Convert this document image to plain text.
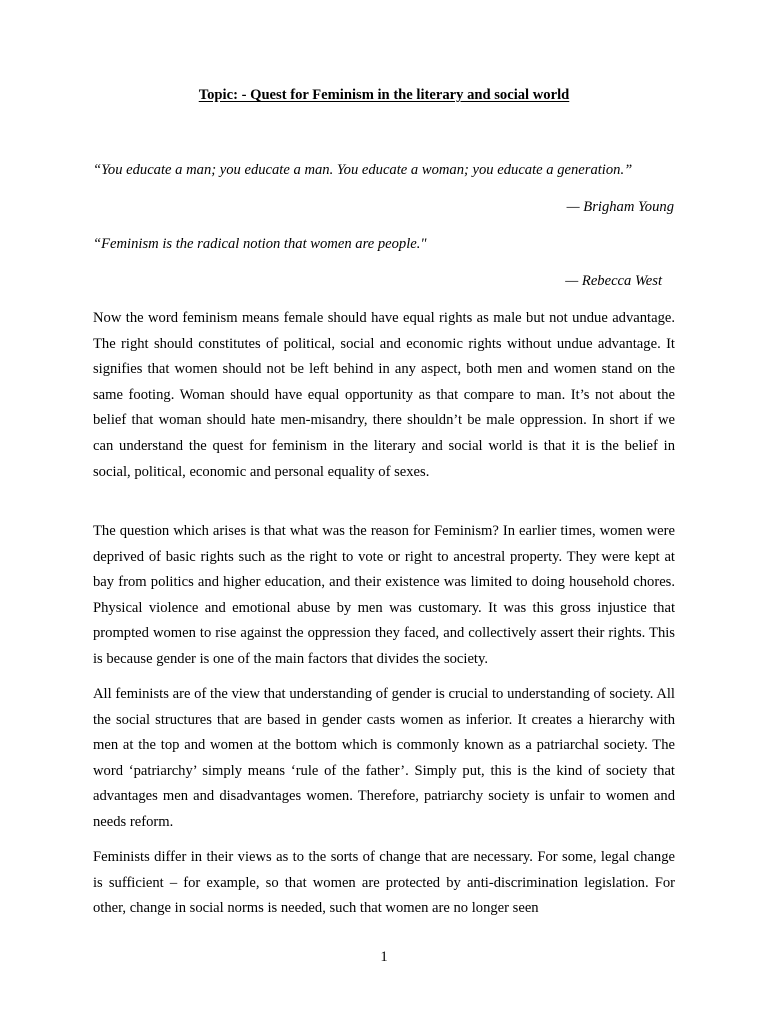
Topic: - Quest for Feminism in the literary and social world
“You educate a man; you educate a man. You educate a woman; you educate a generation.”
— Brigham Young
“Feminism is the radical notion that women are people."
— Rebecca West

Now the word feminism means female should have equal rights as male but not undue advantage. The right should constitutes of political, social and economic rights without undue advantage. It signifies that women should not be left behind in any aspect, both men and women stand on the same footing. Woman should have equal opportunity as that compare to man. It’s not about the belief that woman should hate men-misandry, there shouldn’t be male oppression. In short if we can understand the quest for feminism in the literary and social world is that it is the belief in social, political, economic and personal equality of sexes.

The question which arises is that what was the reason for Feminism? In earlier times, women were deprived of basic rights such as the right to vote or right to ancestral property. They were kept at bay from politics and higher education, and their existence was limited to doing household chores. Physical violence and emotional abuse by men was customary. It was this gross injustice that prompted women to rise against the oppression they faced, and collectively assert their rights. This is because gender is one of the main factors that divides the society.

All feminists are of the view that understanding of gender is crucial to understanding of society. All the social structures that are based in gender casts women as inferior. It creates a hierarchy with men at the top and women at the bottom which is commonly known as a patriarchal society. The word ‘patriarchy’ simply means ‘rule of the father’. Simply put, this is the kind of society that advantages men and disadvantages women. Therefore, patriarchy society is unfair to women and needs reform.

Feminists differ in their views as to the sorts of change that are necessary. For some, legal change is sufficient – for example, so that women are protected by anti-discrimination legislation. For other, change in social norms is needed, such that women are no longer seen

1
